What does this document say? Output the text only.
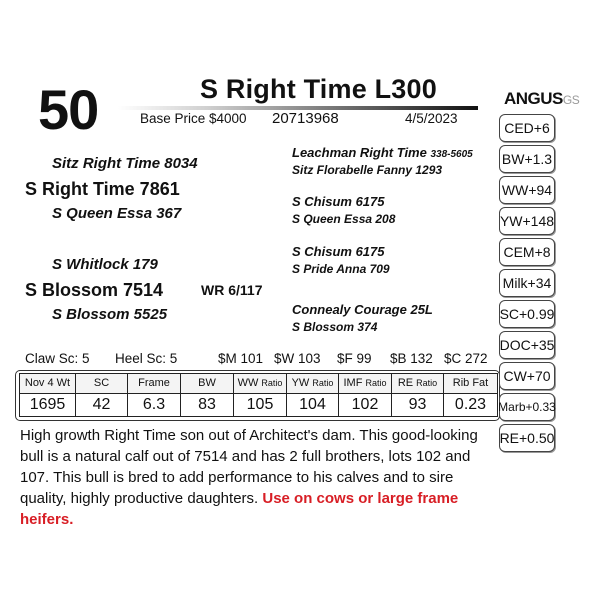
50	S Right Time L300
Base Price $4000 20713968	4/5/2023
ANGUSGS
Sitz Right Time 8034
S Right Time 7861
S Queen Essa 367
S Whitlock 179
S Blossom 7514
S Blossom 5525
WR 6/117
Leachman Right Time 338-5605
Sitz Florabelle Fanny 1293
S Chisum 6175
S Queen Essa 208
S Chisum 6175
S Pride Anna 709
Connealy Courage 25L
S Blossom 374
Claw Sc: 5 Heel Sc: 5	$M 101 $W 103 $F 99 $B 132 $C 272
Nov 4 Wt	SC	Frame	BW	WW Ratio	YW Ratio	IMF Ratio	RE Ratio	Rib Fat
1695	42	6.3	83	105	104	102	93	0.23
CED+6
BW+1.3
WW+94
YW+148
CEM+8
Milk+34
SC+0.99
DOC+35
CW+70
Marb+0.33
RE+0.50
High growth Right Time son out of Architect's dam. This good-looking bull is a natural calf out of 7514 and has 2 full brothers, lots 102 and 107. This bull is bred to add performance to his calves and to sire quality, highly productive daughters. Use on cows or large frame heifers.
